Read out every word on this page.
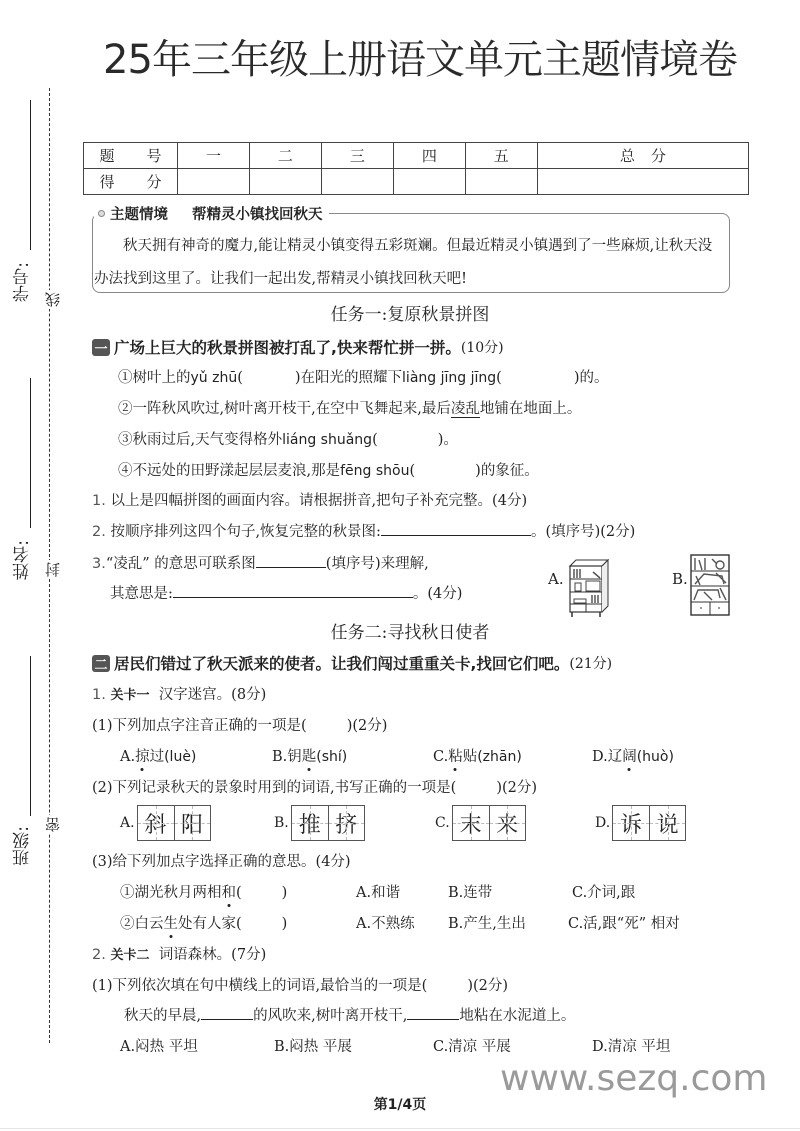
25年三年级上册语文单元主题情境卷
学号: 线
姓名: 封
班级:
密
题　号	一	二	三	四	五	总　分
得　分						
主题情境 帮精灵小镇找回秋天
秋天拥有神奇的魔力,能让精灵小镇变得五彩斑斓。但最近精灵小镇遇到了一些麻烦,让秋天没办法找到这里了。让我们一起出发,帮精灵小镇找回秋天吧!
任务一:复原秋景拼图
一 广场上巨大的秋景拼图被打乱了,快来帮忙拼一拼。 (10分)
①树叶上的yǔ zhū(	)在阳光的照耀下liàng jīng jīng(	)的。
②一阵秋风吹过,树叶离开枝干,在空中飞舞起来,最后凌乱地铺在地面上。
③秋雨过后,天气变得格外liáng shuǎng(	)。
④不远处的田野漾起层层麦浪,那是fēng shōu(	)的象征。
1. 以上是四幅拼图的画面内容。请根据拼音,把句子补充完整。(4分)
2. 按顺序排列这四个句子,恢复完整的秋景图:	。(填序号)(2分)
3.“凌乱” 的意思可联系图	(填序号)来理解,
其意思是:	。(4分)
A.	B.
任务二:寻找秋日使者
二 居民们错过了秋天派来的使者。让我们闯过重重关卡,找回它们吧。 (21分)
1. 关卡一 汉字迷宫。(8分)
(1)下列加点字注音正确的一项是(	)(2分)
A.掠过(luè)	B.钥匙(shí)	C.粘贴(zhān)	D.辽阔(huò)
(2)下列记录秋天的景象时用到的词语,书写正确的一项是(	)(2分)
A. 斜 阳	B. 推 挤	C. 末 来	D. 诉 说
(3)给下列加点字选择正确的意思。(4分)
①湖光秋月两相和(	)	A.和谐	B.连带	C.介词,跟
②白云生处有人家(	)	A.不熟练 B.产生,生出	C.活,跟“死” 相对
2. 关卡二 词语森林。(7分)
(1)下列依次填在句中横线上的词语,最恰当的一项是(	)(2分)
秋天的早晨,	的风吹来,树叶离开枝干,	地粘在水泥道上。
A.闷热 平坦	B.闷热 平展	C.清凉 平展	D.清凉 平坦
www.sezq.com
第1/4页
